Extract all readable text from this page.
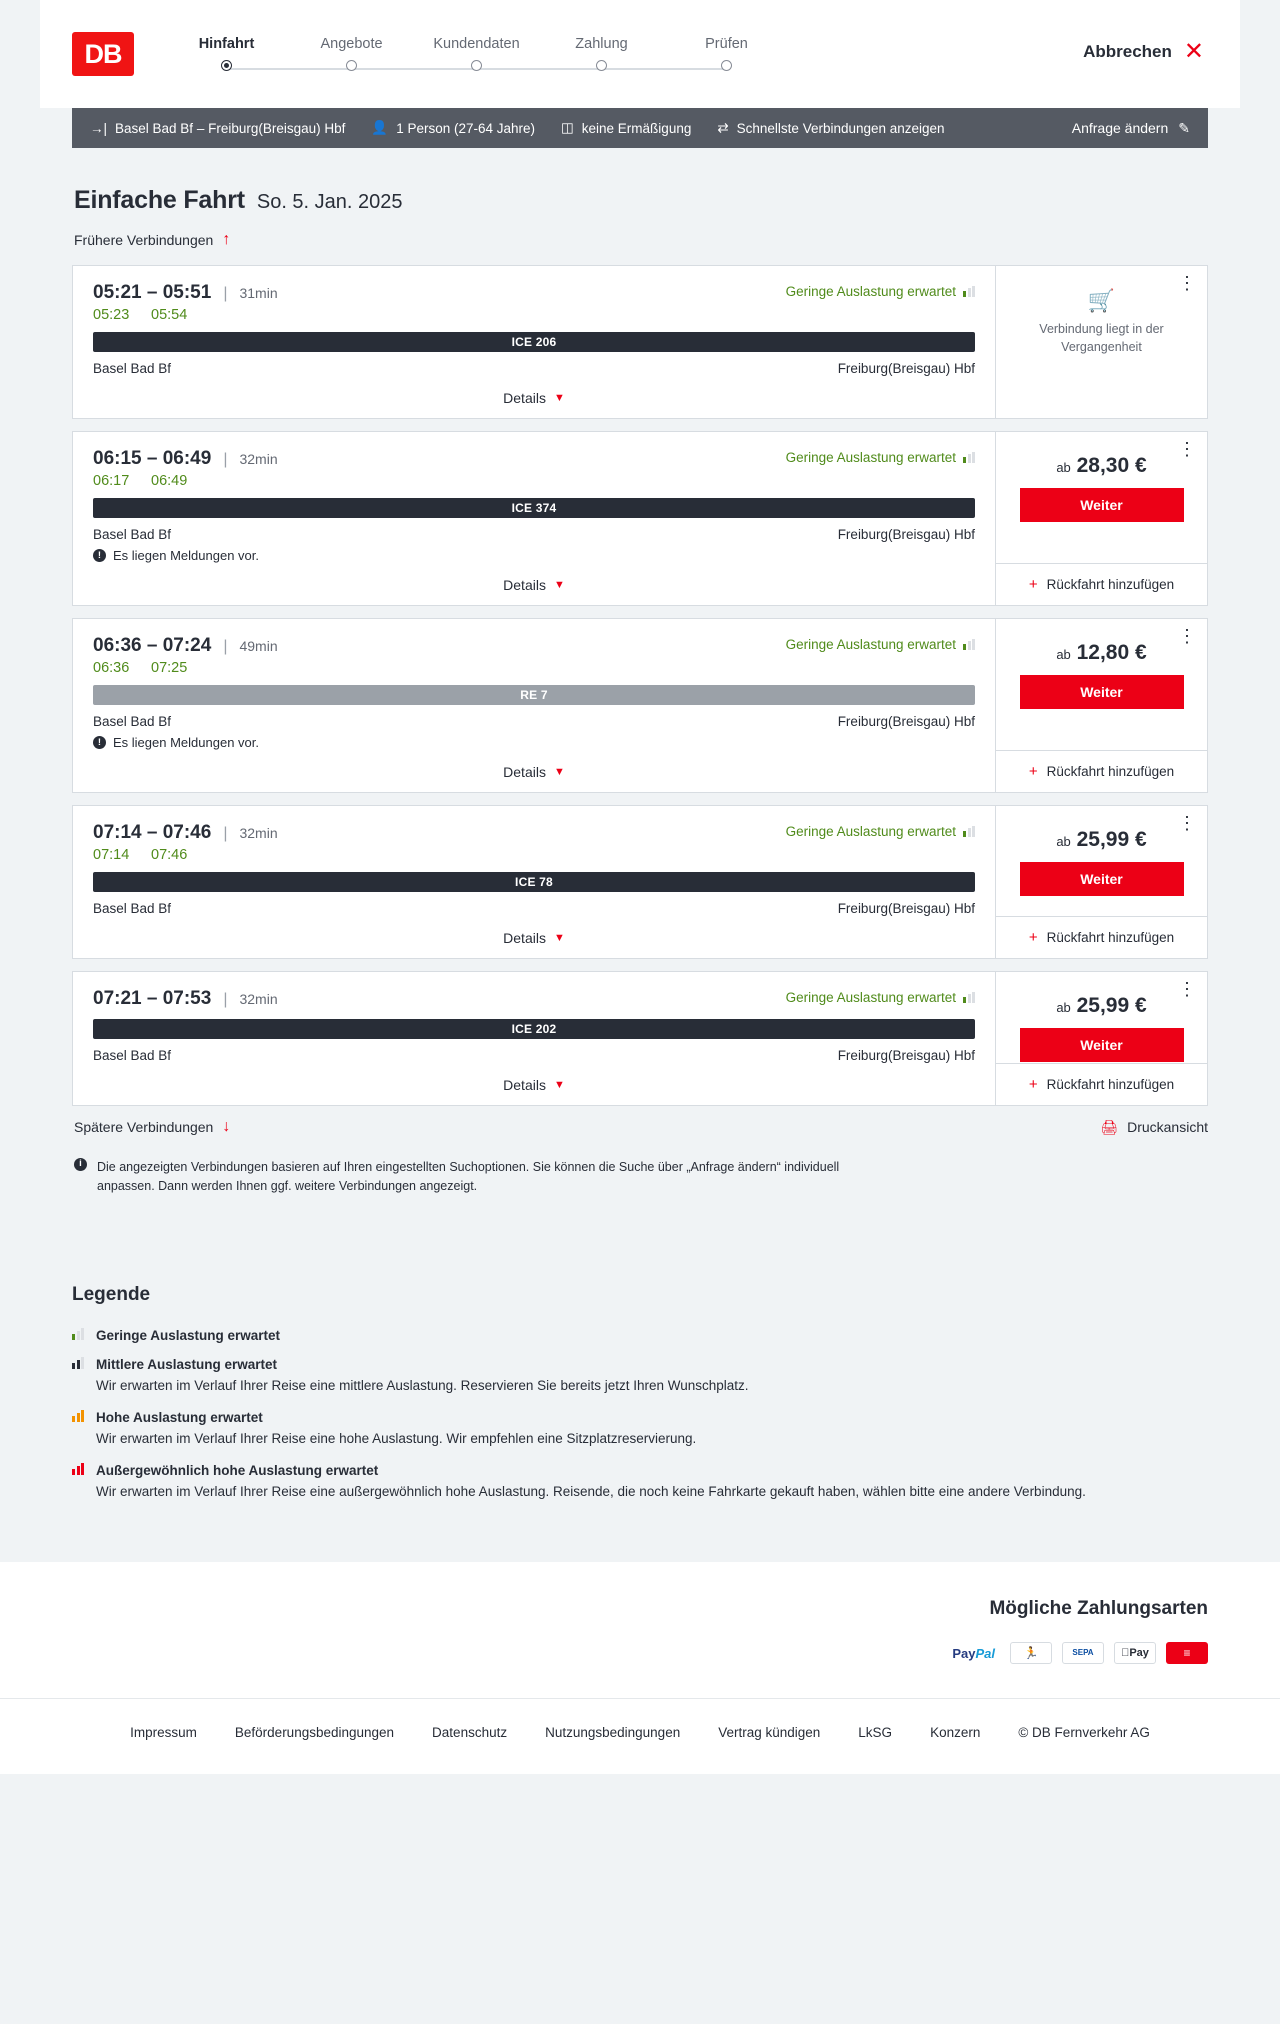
DB	Hinfahrt	Angebote	Kundendaten	Zahlung	Prüfen	Abbrechen ✕
→| Basel Bad Bf – Freiburg(Breisgau) Hbf 👤 1 Person (27-64 Jahre) ◫ keine Ermäßigung ⇄ Schnellste Verbindungen anzeigen	Anfrage ändern ✎
Einfache Fahrt So. 5. Jan. 2025
Frühere Verbindungen ↑
05:21 – 05:51 | 31min	Geringe Auslastung erwartet
05:23 05:54
ICE 206
Basel Bad Bf	Freiburg(Breisgau) Hbf
Details ▼
⋮
🛒
Verbindung liegt in der Vergangenheit
06:15 – 06:49 | 32min	Geringe Auslastung erwartet
06:17 06:49
ICE 374
Basel Bad Bf	Freiburg(Breisgau) Hbf
! Es liegen Meldungen vor.
Details ▼
⋮
ab 28,30 €
Weiter
+ Rückfahrt hinzufügen
06:36 – 07:24 | 49min	Geringe Auslastung erwartet
06:36 07:25
RE 7
Basel Bad Bf	Freiburg(Breisgau) Hbf
! Es liegen Meldungen vor.
Details ▼
⋮
ab 12,80 €
Weiter
+ Rückfahrt hinzufügen
07:14 – 07:46 | 32min	Geringe Auslastung erwartet
07:14 07:46
ICE 78
Basel Bad Bf	Freiburg(Breisgau) Hbf
Details ▼
⋮
ab 25,99 €
Weiter
+ Rückfahrt hinzufügen
07:21 – 07:53 | 32min	Geringe Auslastung erwartet
ICE 202
Basel Bad Bf	Freiburg(Breisgau) Hbf
Details ▼
⋮
ab 25,99 €
Weiter
+ Rückfahrt hinzufügen
Spätere Verbindungen ↓	🖨 Druckansicht
i	Die angezeigten Verbindungen basieren auf Ihren eingestellten Suchoptionen. Sie können die Suche über „Anfrage ändern“ individuell anpassen. Dann werden Ihnen ggf. weitere Verbindungen angezeigt.
Legende
Geringe Auslastung erwartet
Mittlere Auslastung erwartet
Wir erwarten im Verlauf Ihrer Reise eine mittlere Auslastung. Reservieren Sie bereits jetzt Ihren Wunschplatz.
Hohe Auslastung erwartet
Wir erwarten im Verlauf Ihrer Reise eine hohe Auslastung. Wir empfehlen eine Sitzplatzreservierung.
Außergewöhnlich hohe Auslastung erwartet
Wir erwarten im Verlauf Ihrer Reise eine außergewöhnlich hohe Auslastung. Reisende, die noch keine Fahrkarte gekauft haben, wählen bitte eine andere Verbindung.
Mögliche Zahlungsarten
Pay Pal	🏃	SEPA	Pay	≡
Impressum	Beförderungsbedingungen	Datenschutz	Nutzungsbedingungen	Vertrag kündigen	LkSG	Konzern	© DB Fernverkehr AG
